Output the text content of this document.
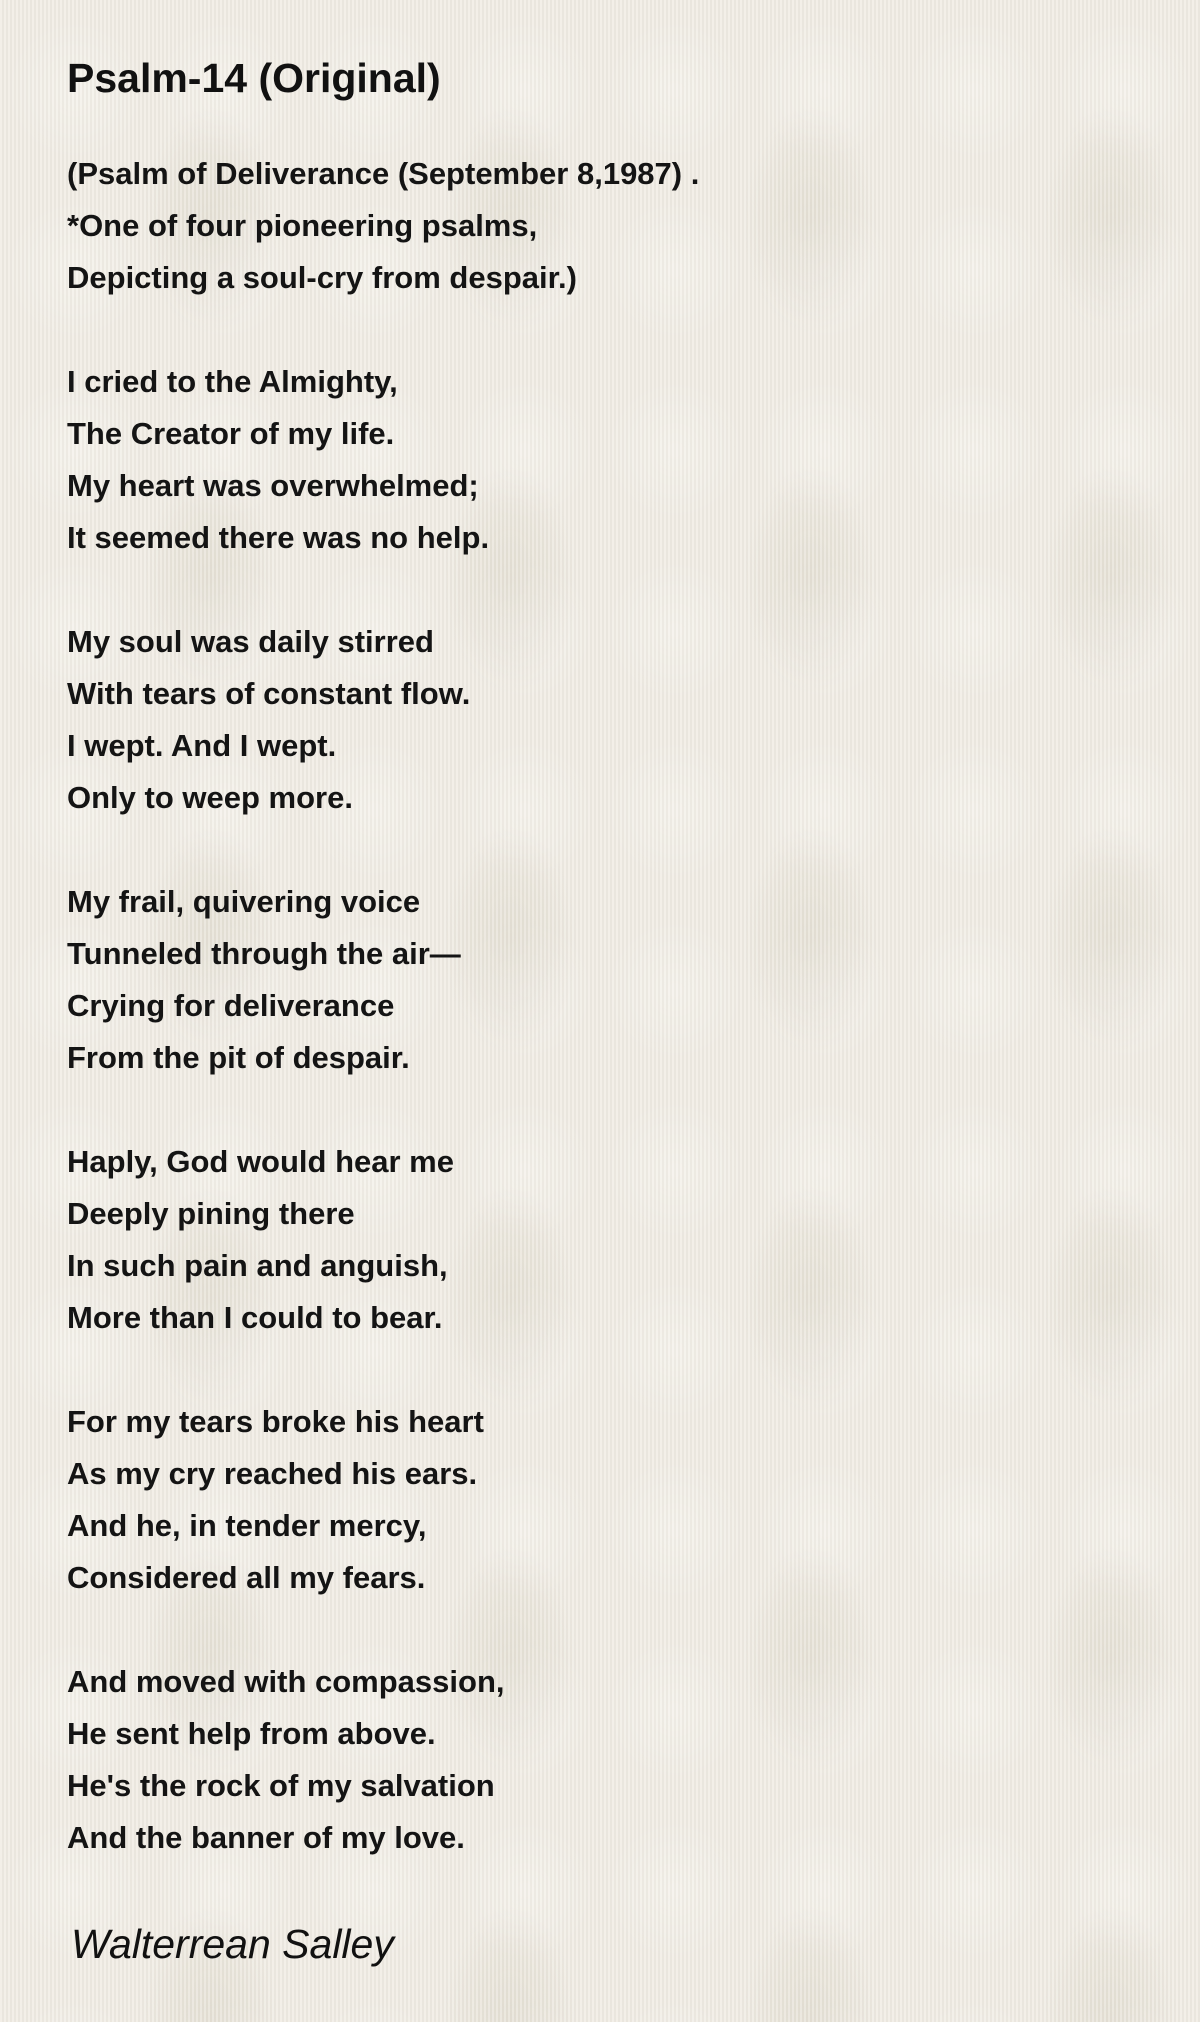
Psalm-14 (Original)
(Psalm of Deliverance (September 8,1987) .
*One of four pioneering psalms,
Depicting a soul-cry from despair.)
I cried to the Almighty,
The Creator of my life.
My heart was overwhelmed;
It seemed there was no help.
My soul was daily stirred
With tears of constant flow.
I wept. And I wept.
Only to weep more.
My frail, quivering voice
Tunneled through the air—
Crying for deliverance
From the pit of despair.
Haply, God would hear me
Deeply pining there
In such pain and anguish,
More than I could to bear.
For my tears broke his heart
As my cry reached his ears.
And he, in tender mercy,
Considered all my fears.
And moved with compassion,
He sent help from above.
He's the rock of my salvation
And the banner of my love.
Walterrean Salley
